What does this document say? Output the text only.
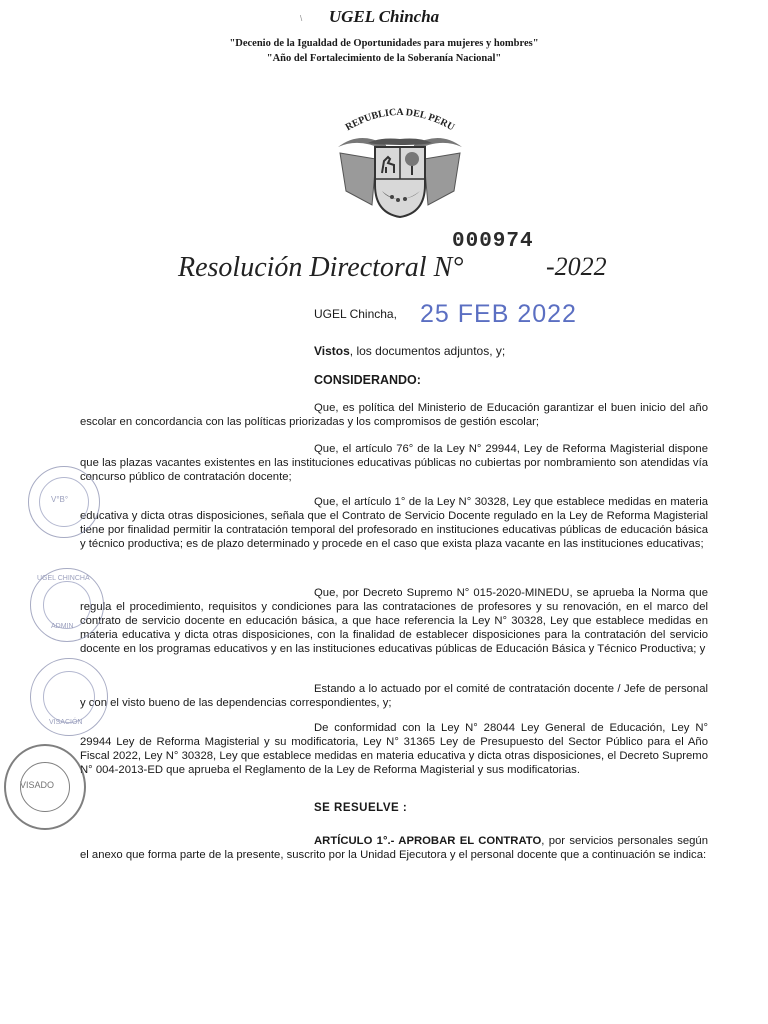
\	UGEL Chincha
"Decenio de la Igualdad de Oportunidades para mujeres y hombres"
"Año del Fortalecimiento de la Soberanía Nacional"
REPUBLICA DEL PERU
000974
Resolución Directoral N°	-2022
UGEL Chincha, 25 FEB 2022
Vistos, los documentos adjuntos, y;
CONSIDERANDO:
Que, es política del Ministerio de Educación garantizar el buen inicio del año escolar en concordancia con las políticas priorizadas y los compromisos de gestión escolar;
Que, el artículo 76° de la Ley N° 29944, Ley de Reforma Magisterial dispone que las plazas vacantes existentes en las instituciones educativas públicas no cubiertas por nombramiento son atendidas vía concurso público de contratación docente;
Que, el artículo 1° de la Ley N° 30328, Ley que establece medidas en materia educativa y dicta otras disposiciones, señala que el Contrato de Servicio Docente regulado en la Ley de Reforma Magisterial tiene por finalidad permitir la contratación temporal del profesorado en instituciones educativas públicas de educación básica y técnico productiva; es de plazo determinado y procede en el caso que exista plaza vacante en las instituciones educativas;
Que, por Decreto Supremo N° 015-2020-MINEDU, se aprueba la Norma que regula el procedimiento, requisitos y condiciones para las contrataciones de profesores y su renovación, en el marco del contrato de servicio docente en educación básica, a que hace referencia la Ley N° 30328, Ley que establece medidas en materia educativa y dicta otras disposiciones, con la finalidad de establecer disposiciones para la contratación del servicio docente en los programas educativos y en las instituciones educativas públicas de Educación Básica y Técnico Productiva; y
Estando a lo actuado por el comité de contratación docente / Jefe de personal y con el visto bueno de las dependencias correspondientes, y;
De conformidad con la Ley N° 28044 Ley General de Educación, Ley N° 29944 Ley de Reforma Magisterial y su modificatoria, Ley N° 31365 Ley de Presupuesto del Sector Público para el Año Fiscal 2022, Ley N° 30328, Ley que establece medidas en materia educativa y dicta otras disposiciones, el Decreto Supremo N° 004-2013-ED que aprueba el Reglamento de la Ley de Reforma Magisterial y sus modificatorias.
SE RESUELVE :
ARTÍCULO 1°.- APROBAR EL CONTRATO, por servicios personales según el anexo que forma parte de la presente, suscrito por la Unidad Ejecutora y el personal docente que a continuación se indica:
V°B°
UGEL CHINCHA
ADMIN
VISACIÓN
VISADO
